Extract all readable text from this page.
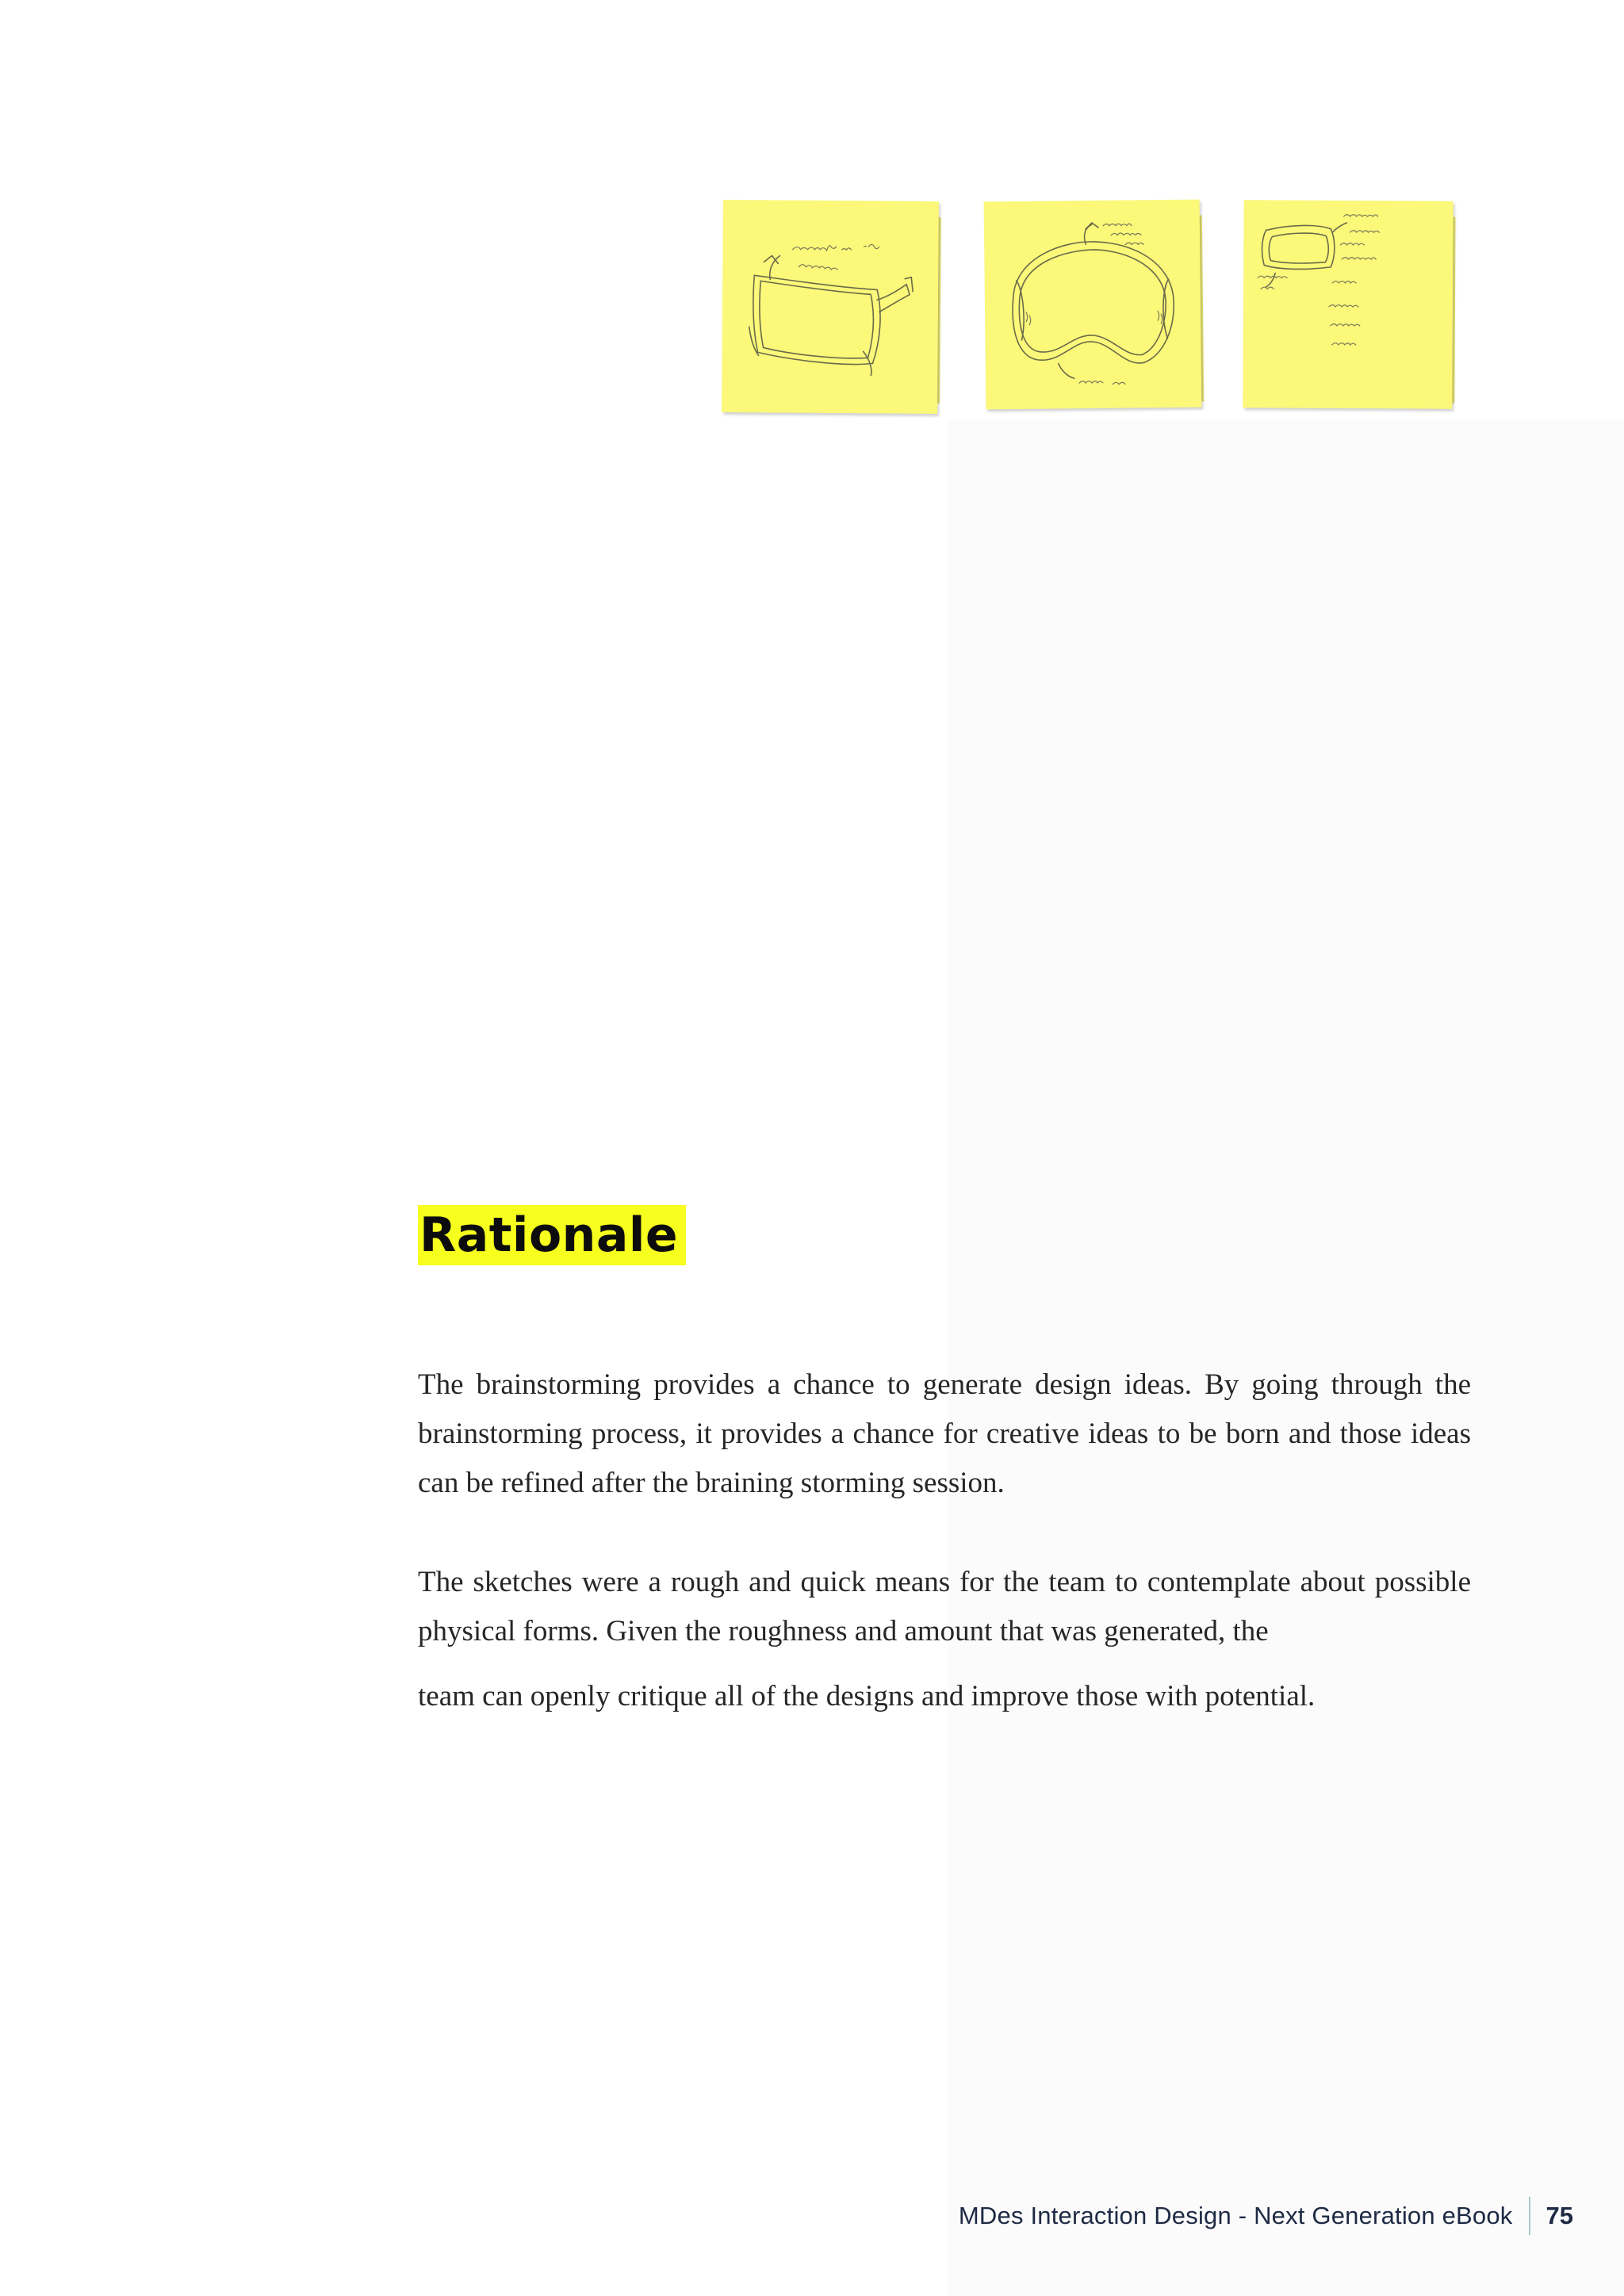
Rationale

The brainstorming provides a chance to generate design ideas. By going through the brainstorming process, it provides a chance for creative ideas to be born and those ideas can be refined after the braining storming session.

The sketches were a rough and quick means for the team to contemplate about possible physical forms. Given the roughness and amount that was generated, the
team can openly critique all of the designs and improve those with potential.

MDes Interaction Design - Next Generation eBook 75
